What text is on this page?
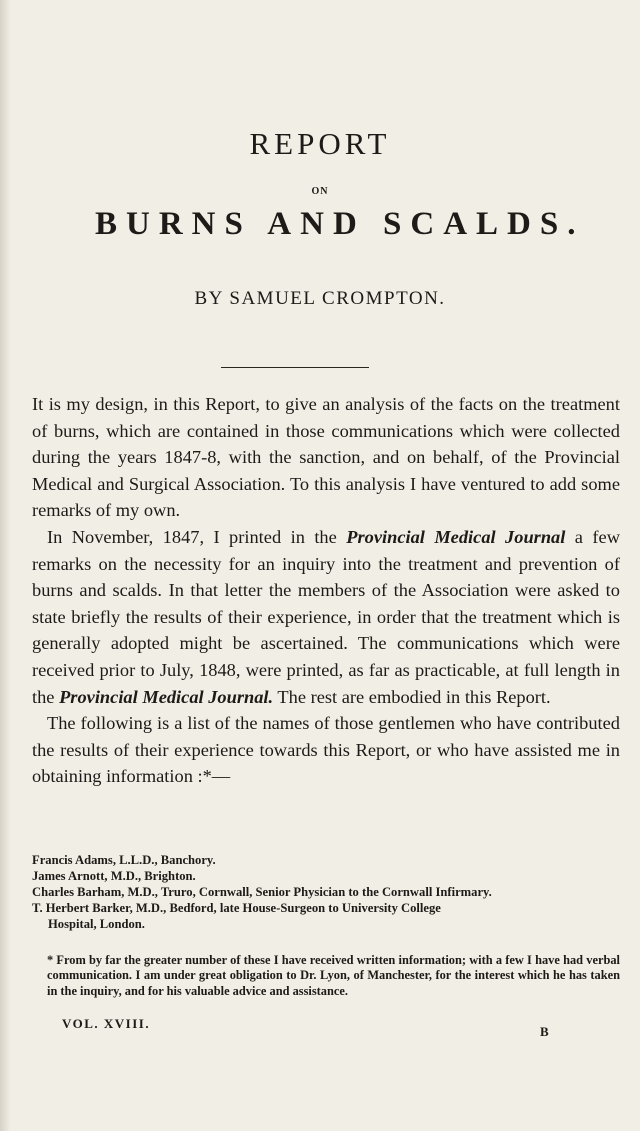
REPORT
ON
BURNS AND SCALDS.
BY SAMUEL CROMPTON.

It is my design, in this Report, to give an analysis of the facts on the treatment of burns, which are contained in those communications which were collected during the years 1847-8, with the sanction, and on behalf, of the Provincial Medical and Surgical Association. To this analysis I have ventured to add some remarks of my own.

In November, 1847, I printed in the Provincial Medical Journal a few remarks on the necessity for an inquiry into the treatment and prevention of burns and scalds. In that letter the members of the Association were asked to state briefly the results of their experience, in order that the treatment which is generally adopted might be ascertained. The communications which were received prior to July, 1848, were printed, as far as practicable, at full length in the Provincial Medical Journal. The rest are embodied in this Report.

The following is a list of the names of those gentlemen who have contributed the results of their experience towards this Report, or who have assisted me in obtaining information :*—

Francis Adams, L.L.D., Banchory.
James Arnott, M.D., Brighton.
Charles Barham, M.D., Truro, Cornwall, Senior Physician to the Cornwall Infirmary.
T. Herbert Barker, M.D., Bedford, late House-Surgeon to University College
Hospital, London.
* From by far the greater number of these I have received written information; with a few I have had verbal communication. I am under great obligation to Dr. Lyon, of Manchester, for the interest which he has taken in the inquiry, and for his valuable advice and assistance.
VOL. XVIII.
B
